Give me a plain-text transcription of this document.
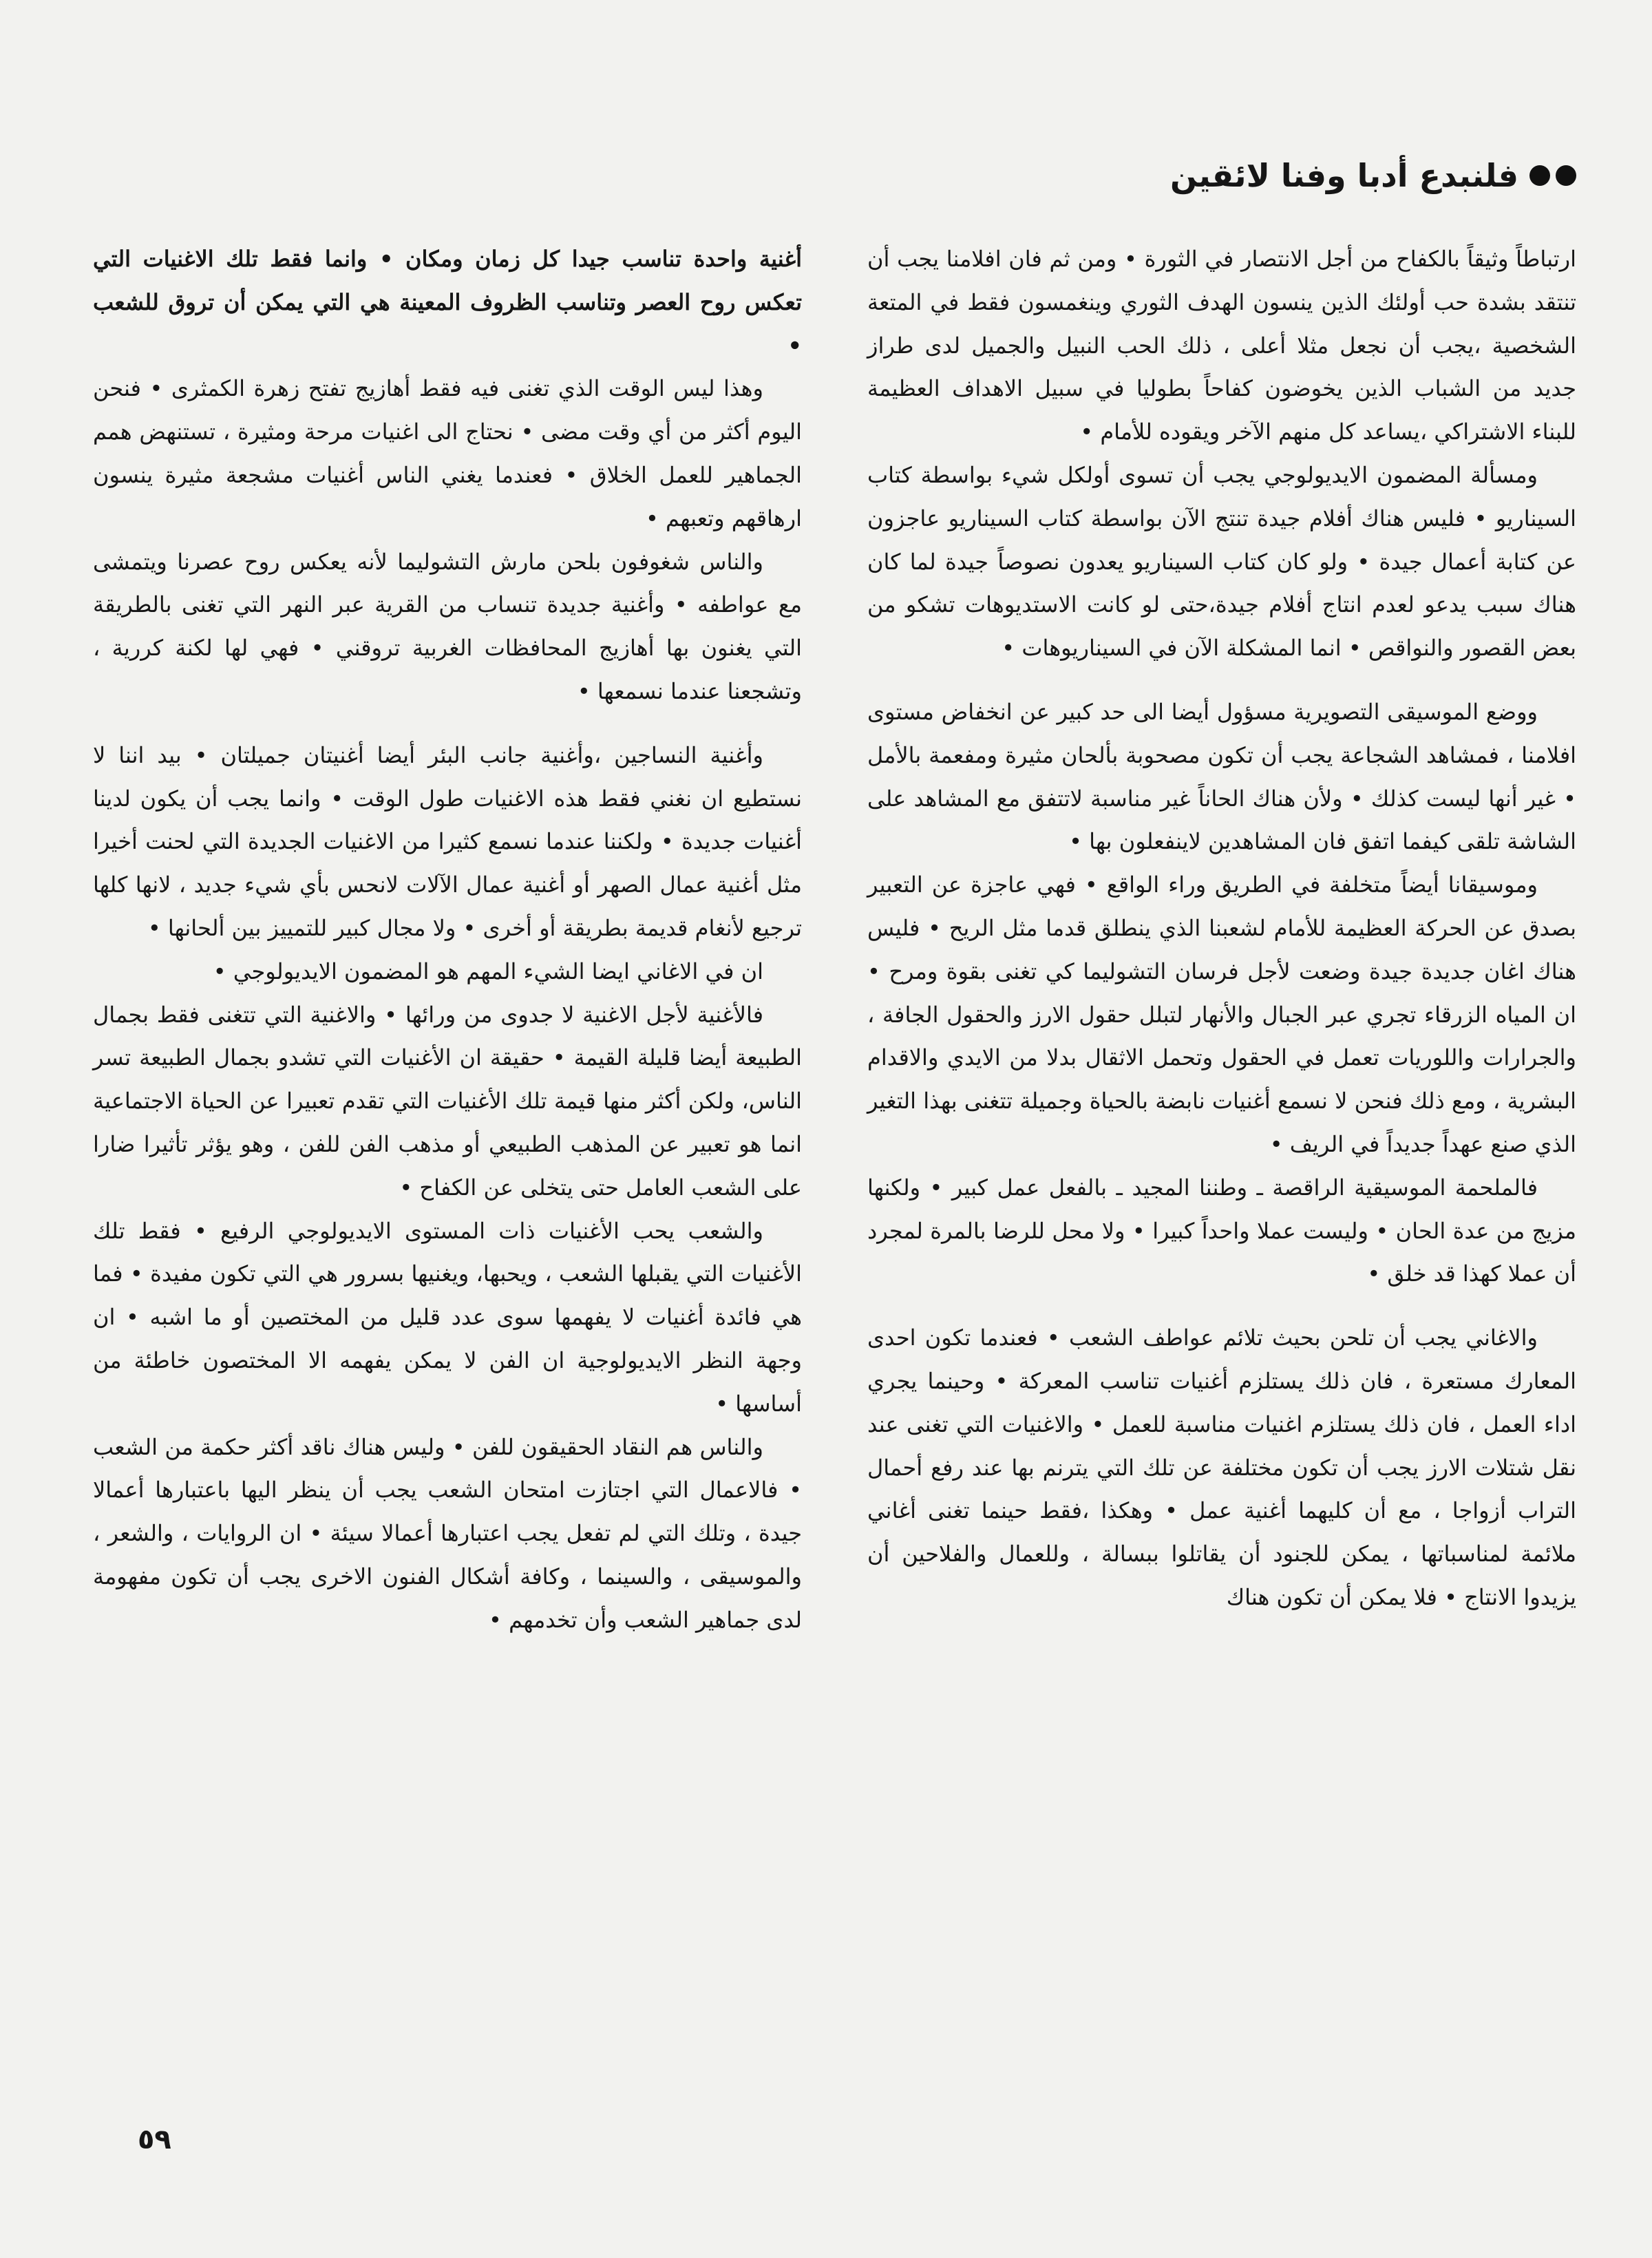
فلنبدع أدبا وفنا لائقين

ارتباطاً وثيقاً بالكفاح من أجل الانتصار في الثورة • ومن ثم فان افلامنا يجب أن تنتقد بشدة حب أولئك الذين ينسون الهدف الثوري وينغمسون فقط في المتعة الشخصية ،يجب أن نجعل مثلا أعلى ، ذلك الحب النبيل والجميل لدى طراز جديد من الشباب الذين يخوضون كفاحاً بطوليا في سبيل الاهداف العظيمة للبناء الاشتراكي ،يساعد كل منهم الآخر ويقوده للأمام •

ومسألة المضمون الايديولوجي يجب أن تسوى أولكل شيء بواسطة كتاب السيناريو • فليس هناك أفلام جيدة تنتج الآن بواسطة كتاب السيناريو عاجزون عن كتابة أعمال جيدة • ولو كان كتاب السيناريو يعدون نصوصاً جيدة لما كان هناك سبب يدعو لعدم انتاج أفلام جيدة،حتى لو كانت الاستديوهات تشكو من بعض القصور والنواقص • انما المشكلة الآن في السيناريوهات •

ووضع الموسيقى التصويرية مسؤول أيضا الى حد كبير عن انخفاض مستوى افلامنا ، فمشاهد الشجاعة يجب أن تكون مصحوبة بألحان مثيرة ومفعمة بالأمل • غير أنها ليست كذلك • ولأن هناك الحاناً غير مناسبة لاتتفق مع المشاهد على الشاشة تلقى كيفما اتفق فان المشاهدين لاينفعلون بها •

وموسيقانا أيضاً متخلفة في الطريق وراء الواقع • فهي عاجزة عن التعبير بصدق عن الحركة العظيمة للأمام لشعبنا الذي ينطلق قدما مثل الريح • فليس هناك اغان جديدة جيدة وضعت لأجل فرسان التشوليما كي تغنى بقوة ومرح • ان المياه الزرقاء تجري عبر الجبال والأنهار لتبلل حقول الارز والحقول الجافة ، والجرارات واللوريات تعمل في الحقول وتحمل الاثقال بدلا من الايدي والاقدام البشرية ، ومع ذلك فنحن لا نسمع أغنيات نابضة بالحياة وجميلة تتغنى بهذا التغير الذي صنع عهداً جديداً في الريف •

فالملحمة الموسيقية الراقصة ـ وطننا المجيد ـ بالفعل عمل كبير • ولكنها مزيج من عدة الحان • وليست عملا واحداً كبيرا • ولا محل للرضا بالمرة لمجرد أن عملا كهذا قد خلق •

والاغاني يجب أن تلحن بحيث تلائم عواطف الشعب • فعندما تكون احدى المعارك مستعرة ، فان ذلك يستلزم أغنيات تناسب المعركة • وحينما يجري اداء العمل ، فان ذلك يستلزم اغنيات مناسبة للعمل • والاغنيات التي تغنى عند نقل شتلات الارز يجب أن تكون مختلفة عن تلك التي يترنم بها عند رفع أحمال التراب أزواجا ، مع أن كليهما أغنية عمل • وهكذا ،فقط حينما تغنى أغاني ملائمة لمناسباتها ، يمكن للجنود أن يقاتلوا ببسالة ، وللعمال والفلاحين أن يزيدوا الانتاج • فلا يمكن أن تكون هناك

أغنية واحدة تناسب جيدا كل زمان ومكان • وانما فقط تلك الاغنيات التي تعكس روح العصر وتناسب الظروف المعينة هي التي يمكن أن تروق للشعب •

وهذا ليس الوقت الذي تغنى فيه فقط أهازيج تفتح زهرة الكمثرى • فنحن اليوم أكثر من أي وقت مضى • نحتاج الى اغنيات مرحة ومثيرة ، تستنهض همم الجماهير للعمل الخلاق • فعندما يغني الناس أغنيات مشجعة مثيرة ينسون ارهاقهم وتعبهم •

والناس شغوفون بلحن مارش التشوليما لأنه يعكس روح عصرنا ويتمشى مع عواطفه • وأغنية جديدة تنساب من القرية عبر النهر التي تغنى بالطريقة التي يغنون بها أهازيج المحافظات الغربية تروقني • فهي لها لكنة كررية ، وتشجعنا عندما نسمعها •

وأغنية النساجين ،وأغنية جانب البئر أيضا أغنيتان جميلتان • بيد اننا لا نستطيع ان نغني فقط هذه الاغنيات طول الوقت • وانما يجب أن يكون لدينا أغنيات جديدة • ولكننا عندما نسمع كثيرا من الاغنيات الجديدة التي لحنت أخيرا مثل أغنية عمال الصهر أو أغنية عمال الآلات لانحس بأي شيء جديد ، لانها كلها ترجيع لأنغام قديمة بطريقة أو أخرى • ولا مجال كبير للتمييز بين ألحانها •

ان في الاغاني ايضا الشيء المهم هو المضمون الايديولوجي •

فالأغنية لأجل الاغنية لا جدوى من ورائها • والاغنية التي تتغنى فقط بجمال الطبيعة أيضا قليلة القيمة • حقيقة ان الأغنيات التي تشدو بجمال الطبيعة تسر الناس، ولكن أكثر منها قيمة تلك الأغنيات التي تقدم تعبيرا عن الحياة الاجتماعية انما هو تعبير عن المذهب الطبيعي أو مذهب الفن للفن ، وهو يؤثر تأثيرا ضارا على الشعب العامل حتى يتخلى عن الكفاح •

والشعب يحب الأغنيات ذات المستوى الايديولوجي الرفيع • فقط تلك الأغنيات التي يقبلها الشعب ، ويحبها، ويغنيها بسرور هي التي تكون مفيدة • فما هي فائدة أغنيات لا يفهمها سوى عدد قليل من المختصين أو ما اشبه • ان وجهة النظر الايديولوجية ان الفن لا يمكن يفهمه الا المختصون خاطئة من أساسها •

والناس هم النقاد الحقيقون للفن • وليس هناك ناقد أكثر حكمة من الشعب • فالاعمال التي اجتازت امتحان الشعب يجب أن ينظر اليها باعتبارها أعمالا جيدة ، وتلك التي لم تفعل يجب اعتبارها أعمالا سيئة • ان الروايات ، والشعر ، والموسيقى ، والسينما ، وكافة أشكال الفنون الاخرى يجب أن تكون مفهومة لدى جماهير الشعب وأن تخدمهم •

٥٩
